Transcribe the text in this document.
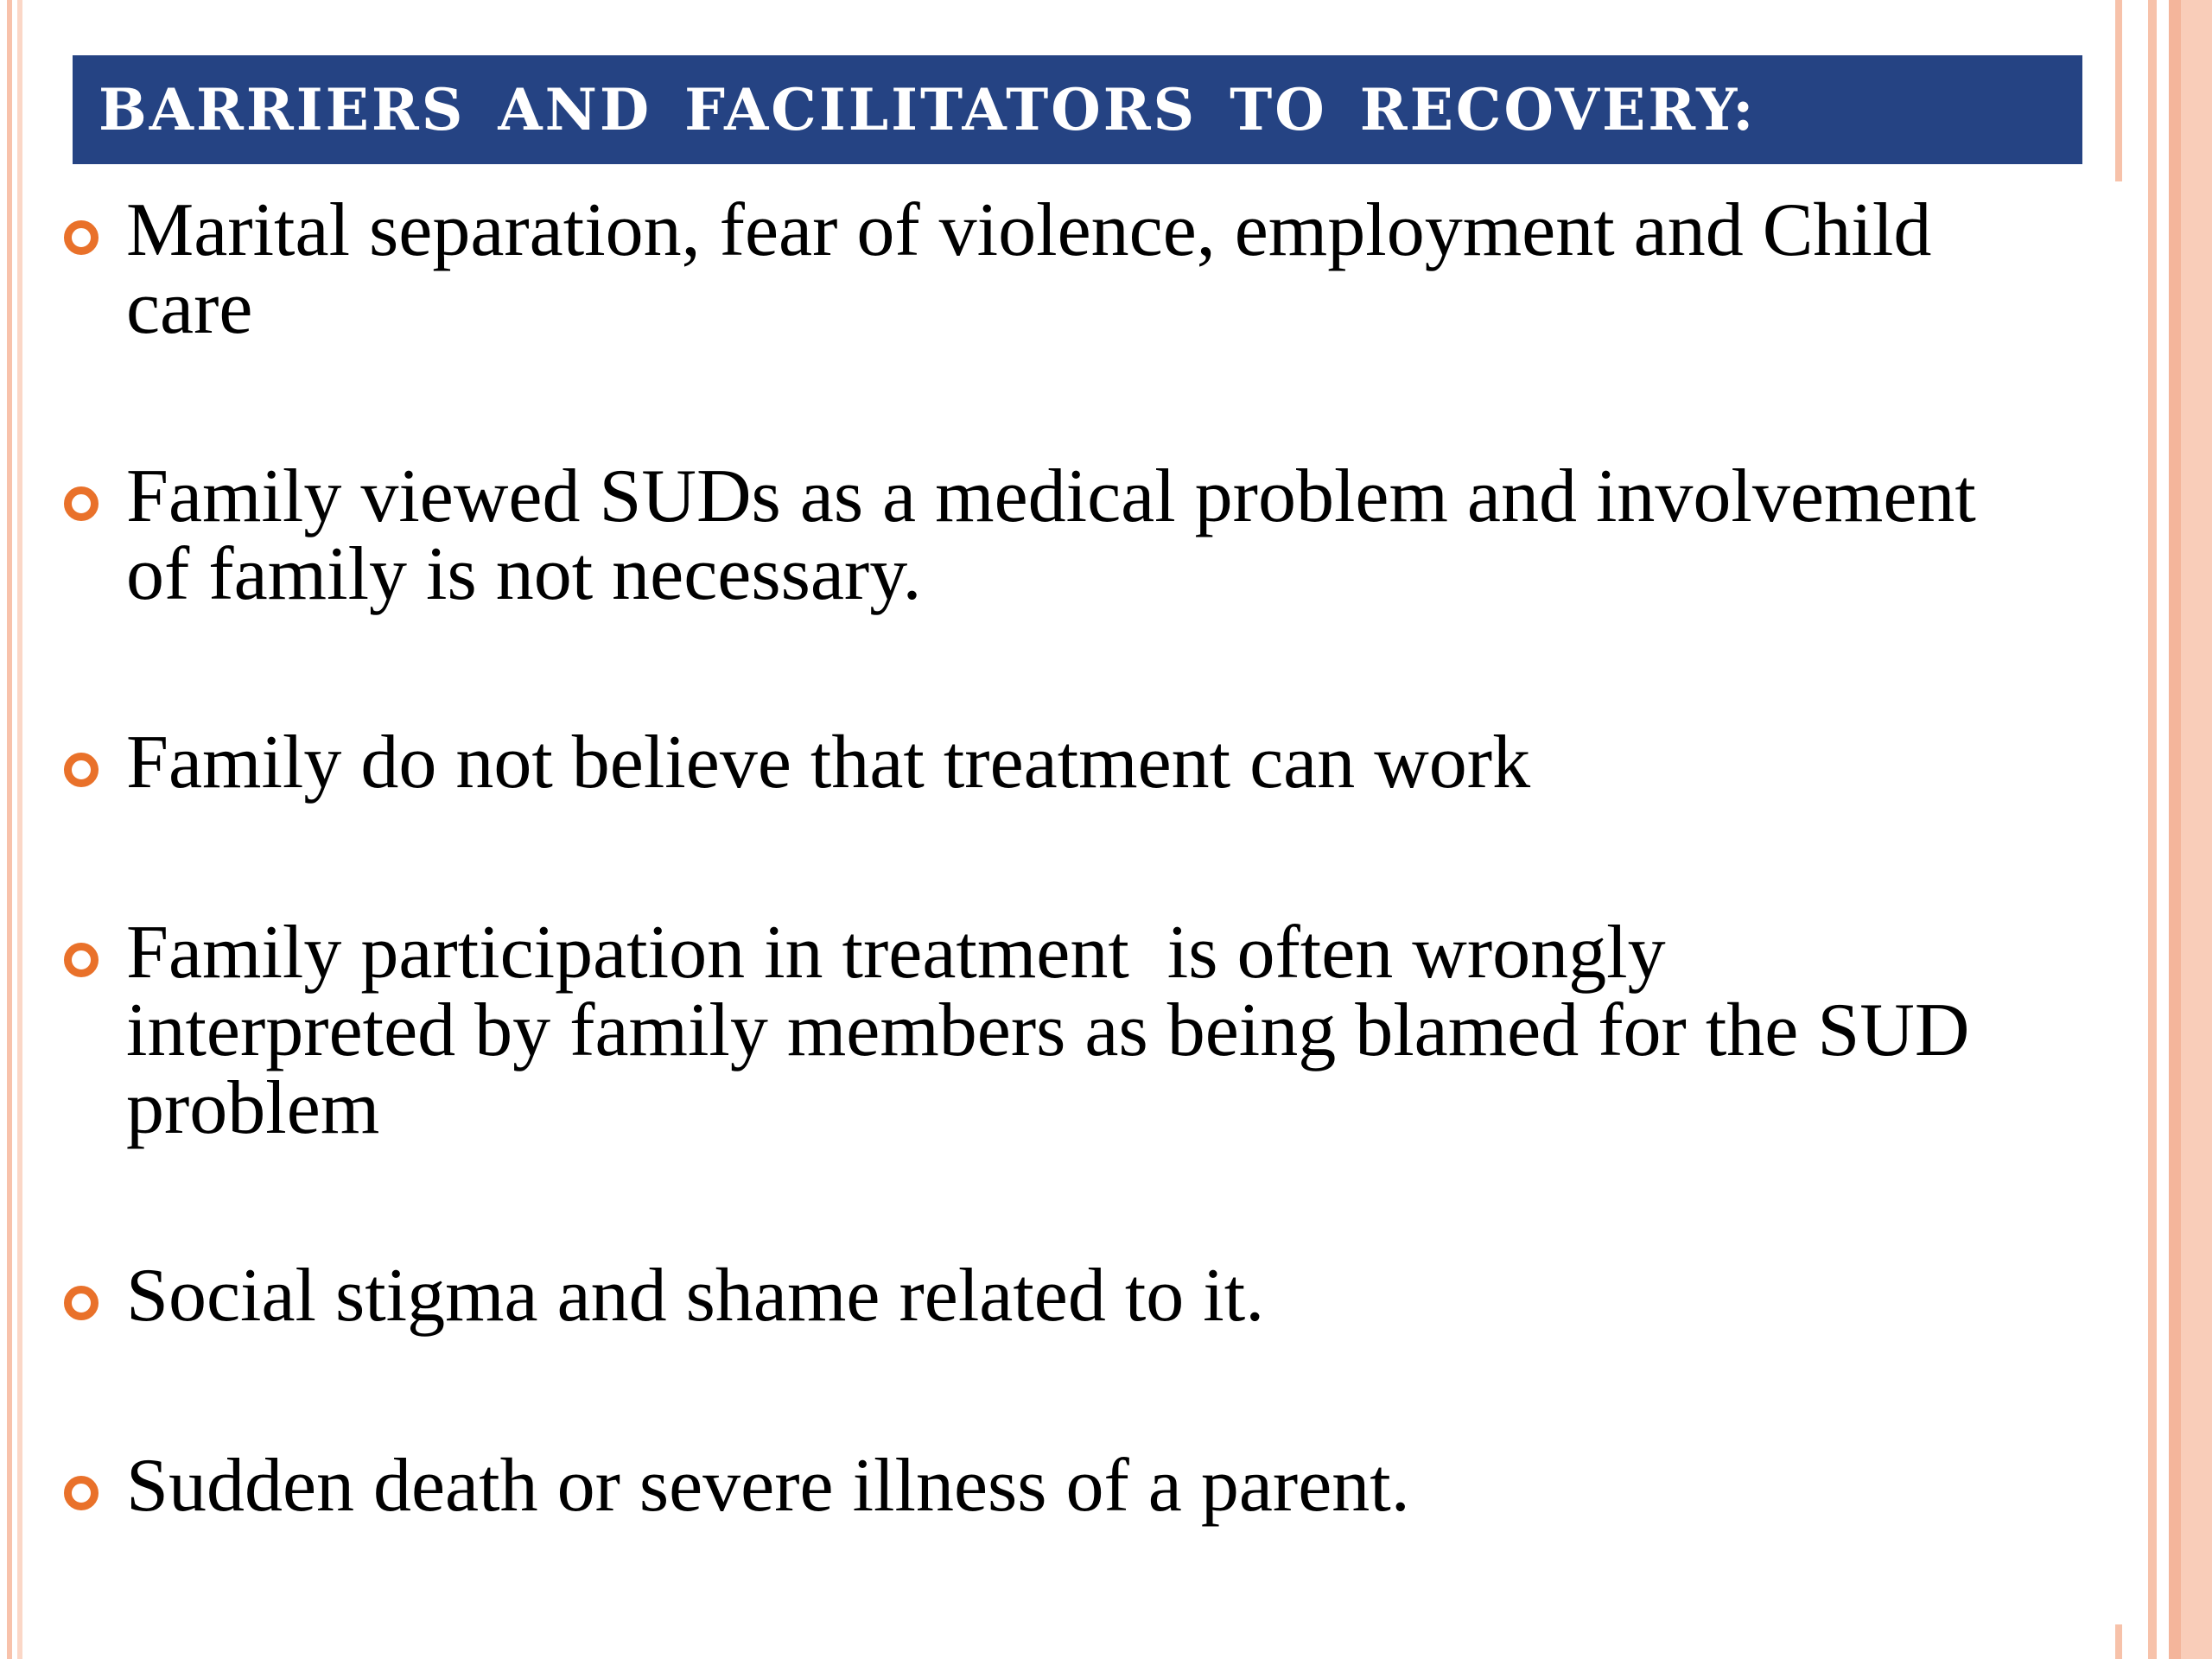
BARRIERS AND FACILITATORS TO RECOVERY:
Marital separation, fear of violence, employment and Child
care
Family viewed SUDs as a medical problem and involvement
of family is not necessary.
Family do not believe that treatment can work
Family participation in treatment  is often wrongly
interpreted by family members as being blamed for the SUD
problem
Social stigma and shame related to it.
Sudden death or severe illness of a parent.
